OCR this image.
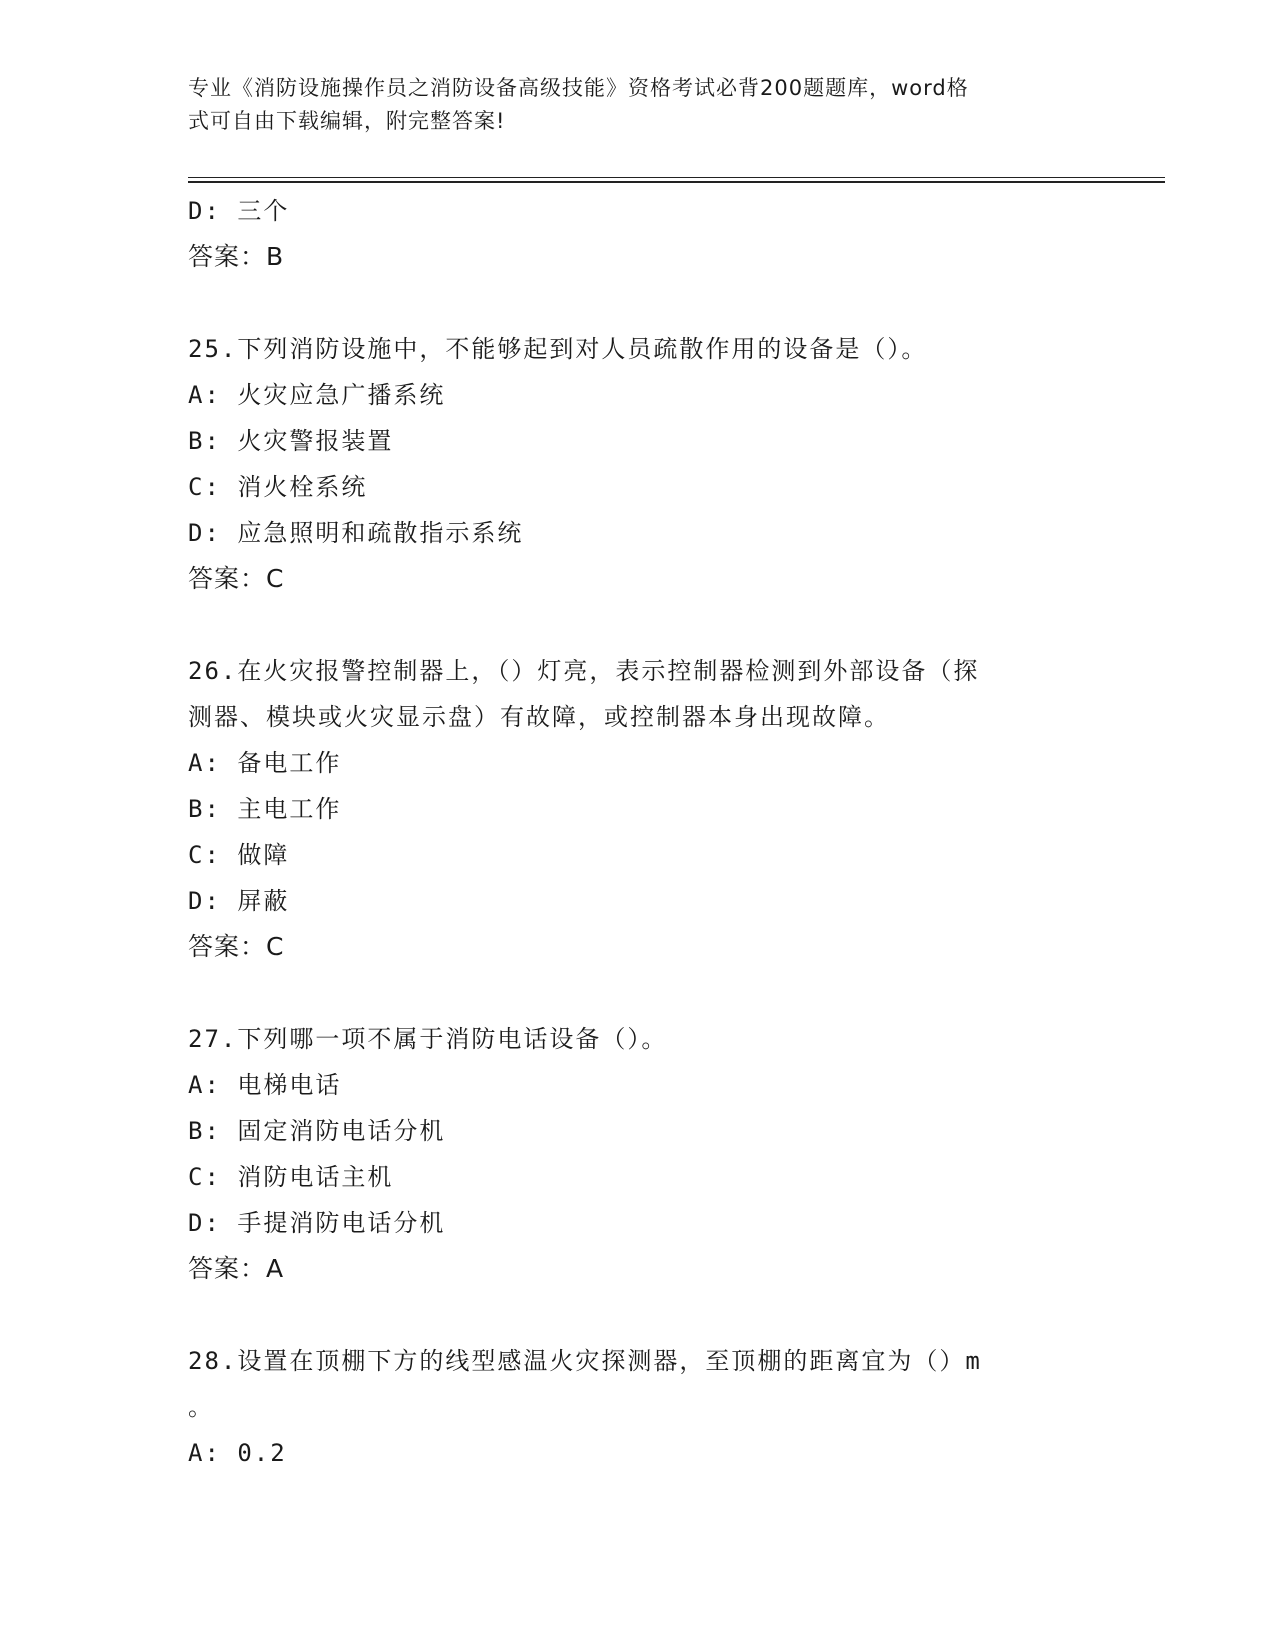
专业《消防设施操作员之消防设备高级技能》资格考试必背200题题库，word格
式可自由下载编辑，附完整答案!
D: 三个
答案：B
25.下列消防设施中，不能够起到对人员疏散作用的设备是（）。
A: 火灾应急广播系统
B: 火灾警报装置
C: 消火栓系统
D: 应急照明和疏散指示系统
答案：C
26.在火灾报警控制器上，（）灯亮，表示控制器检测到外部设备（探
测器、模块或火灾显示盘）有故障，或控制器本身出现故障。
A: 备电工作
B: 主电工作
C: 做障
D: 屏蔽
答案：C
27.下列哪一项不属于消防电话设备（）。
A: 电梯电话
B: 固定消防电话分机
C: 消防电话主机
D: 手提消防电话分机
答案：A
28.设置在顶棚下方的线型感温火灾探测器，至顶棚的距离宜为（）m
。
A: 0.2
